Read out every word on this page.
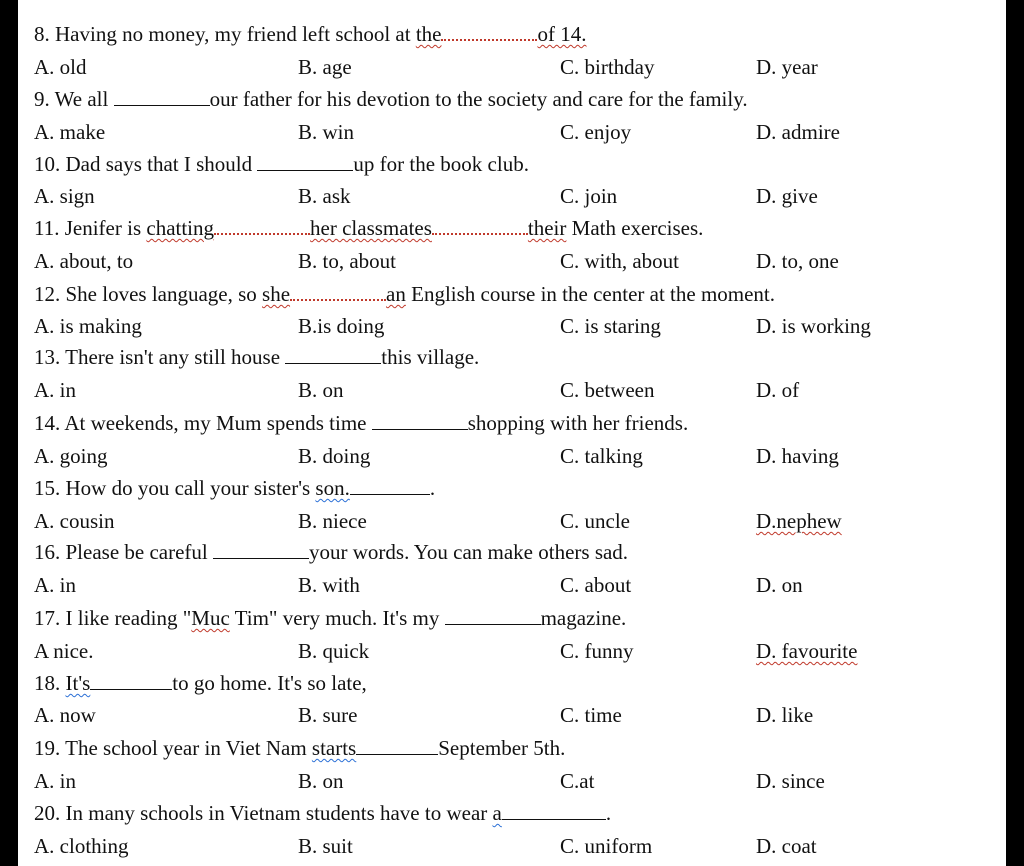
8. Having no money, my friend left school at the	of 14.
A. old	B. age	C. birthday	D. year
9. We all	our father for his devotion to the society and care for the family.
A. make	B. win	C. enjoy	D. admire
10. Dad says that I should	up for the book club.
A. sign	B. ask	C. join	D. give
11. Jenifer is chatting	her classmates	their Math exercises.
A. about, to	B. to, about	C. with, about	D. to, one
12. She loves language, so she	an English course in the center at the moment.
A. is making	B.is doing	C. is staring	D. is working
13. There isn't any still house	this village.
A. in	B. on	C. between	D. of
14. At weekends, my Mum spends time	shopping with her friends.
A. going	B. doing	C. talking	D. having
15. How do you call your sister's son.	.
A. cousin	B. niece	C. uncle	D.nephew
16. Please be careful	your words. You can make others sad.
A. in	B. with	C. about	D. on
17. I like reading "Muc Tim" very much. It's my	magazine.
A nice.	B. quick	C. funny	D. favourite
18. It's	to go home. It's so late,
A. now	B. sure	C. time	D. like
19. The school year in Viet Nam starts	September 5th.
A. in	B. on	C.at	D. since
20. In many schools in Vietnam students have to wear a	.
A. clothing	B. suit	C. uniform	D. coat
